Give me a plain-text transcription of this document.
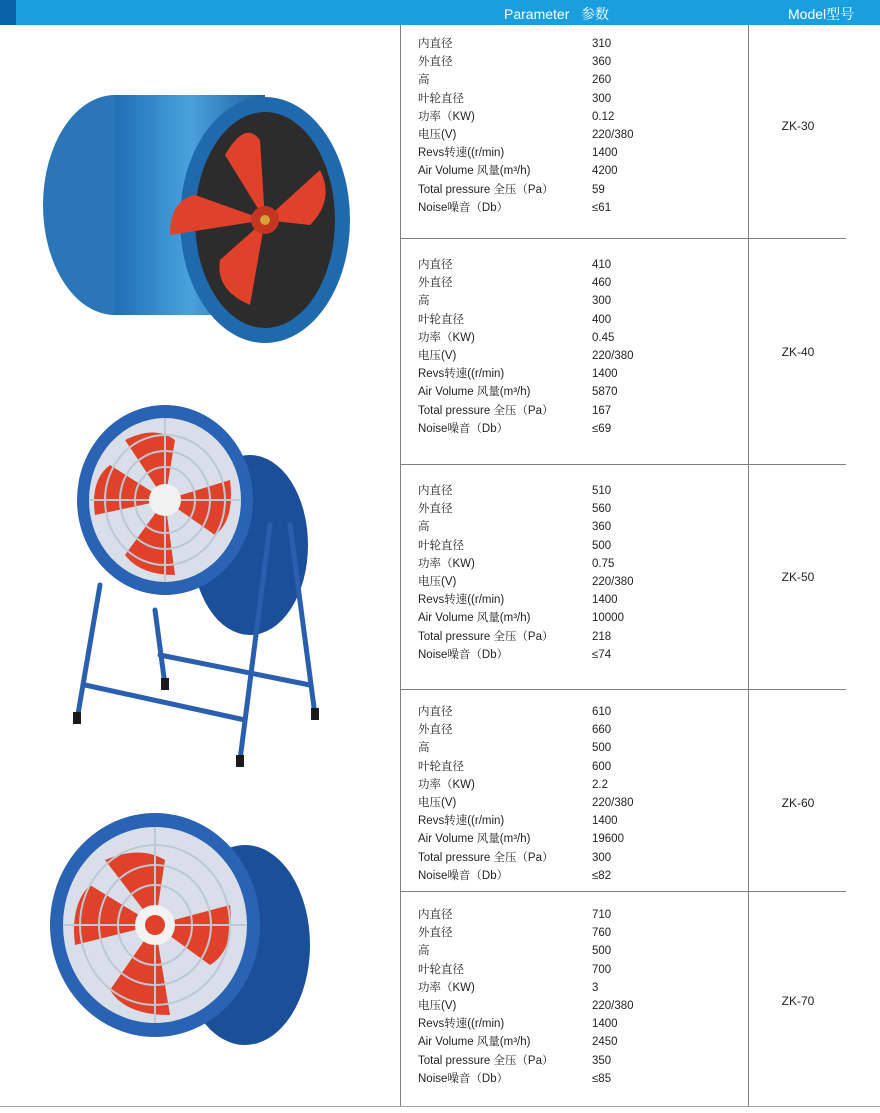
Parameter   参数	Model型号
内直径	310
外直径	360
高	260
叶轮直径	300
功率（KW)	0.12
电压(V)	220/380
Revs转速((r/min)	1400
Air Volume 风量(m³/h)	4200
Total pressure 全压（Pa）	59
Noise噪音（Db）	≤61
ZK-30
内直径	410
外直径	460
高	300
叶轮直径	400
功率（KW)	0.45
电压(V)	220/380
Revs转速((r/min)	1400
Air Volume 风量(m³/h)	5870
Total pressure 全压（Pa）	167
Noise噪音（Db）	≤69
ZK-40
内直径	510
外直径	560
高	360
叶轮直径	500
功率（KW)	0.75
电压(V)	220/380
Revs转速((r/min)	1400
Air Volume 风量(m³/h)	10000
Total pressure 全压（Pa）	218
Noise噪音（Db）	≤74
ZK-50
内直径	610
外直径	660
高	500
叶轮直径	600
功率（KW)	2.2
电压(V)	220/380
Revs转速((r/min)	1400
Air Volume 风量(m³/h)	19600
Total pressure 全压（Pa）	300
Noise噪音（Db）	≤82
ZK-60
内直径	710
外直径	760
高	500
叶轮直径	700
功率（KW)	3
电压(V)	220/380
Revs转速((r/min)	1400
Air Volume 风量(m³/h)	2450
Total pressure 全压（Pa）	350
Noise噪音（Db）	≤85
ZK-70
